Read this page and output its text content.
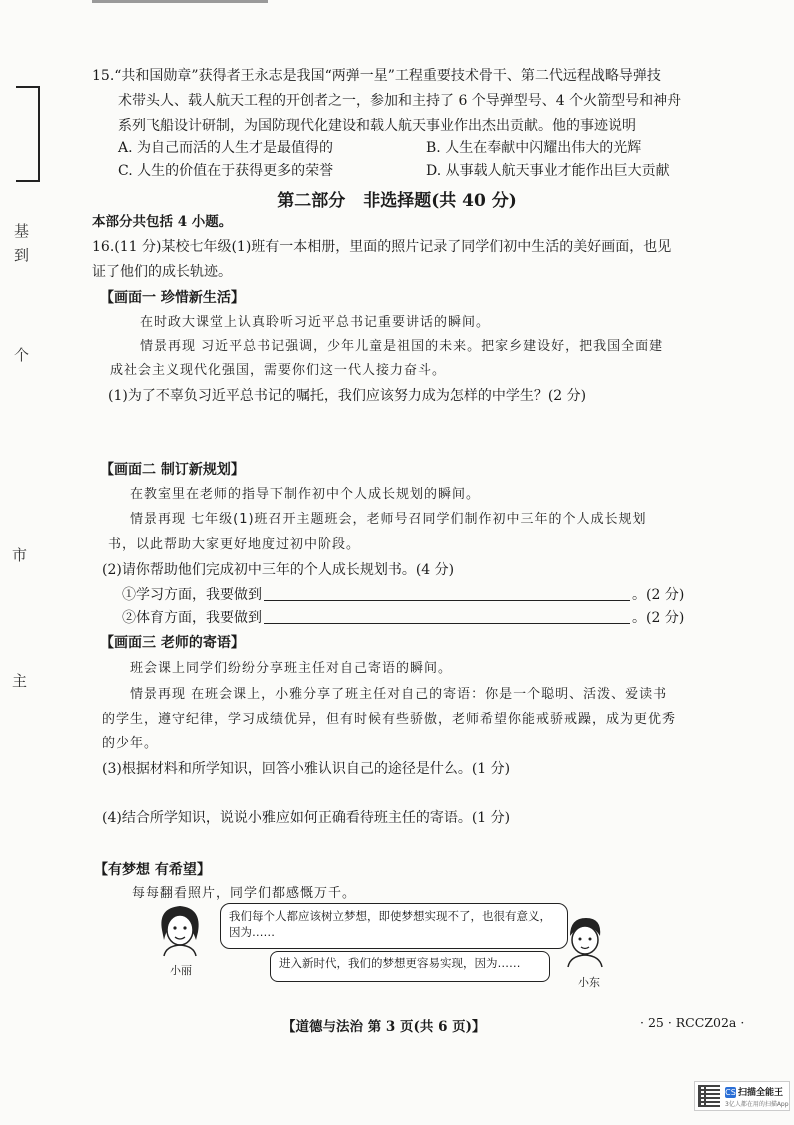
基
到
个
市
主
15.“共和国勋章”获得者王永志是我国“两弹一星”工程重要技术骨干、第二代远程战略导弹技
术带头人、载人航天工程的开创者之一，参加和主持了 6 个导弹型号、4 个火箭型号和神舟
系列飞船设计研制，为国防现代化建设和载人航天事业作出杰出贡献。他的事迹说明
A. 为自己而活的人生才是最值得的	B. 人生在奉献中闪耀出伟大的光辉
C. 人生的价值在于获得更多的荣誉	D. 从事载人航天事业才能作出巨大贡献
第二部分 非选择题(共 40 分)
本部分共包括 4 小题。
16.(11 分)某校七年级(1)班有一本相册，里面的照片记录了同学们初中生活的美好画面，也见
证了他们的成长轨迹。
【画面一 珍惜新生活】
在时政大课堂上认真聆听习近平总书记重要讲话的瞬间。
情景再现 习近平总书记强调，少年儿童是祖国的未来。把家乡建设好，把我国全面建
成社会主义现代化强国，需要你们这一代人接力奋斗。
(1)为了不辜负习近平总书记的嘱托，我们应该努力成为怎样的中学生？(2 分)
【画面二 制订新规划】
在教室里在老师的指导下制作初中个人成长规划的瞬间。
情景再现 七年级(1)班召开主题班会，老师号召同学们制作初中三年的个人成长规划
书，以此帮助大家更好地度过初中阶段。
(2)请你帮助他们完成初中三年的个人成长规划书。(4 分)
①学习方面，我要做到	。(2 分)
②体育方面，我要做到	。(2 分)
【画面三 老师的寄语】
班会课上同学们纷纷分享班主任对自己寄语的瞬间。
情景再现 在班会课上，小雅分享了班主任对自己的寄语：你是一个聪明、活泼、爱读书
的学生，遵守纪律，学习成绩优异，但有时候有些骄傲，老师希望你能戒骄戒躁，成为更优秀
的少年。
(3)根据材料和所学知识，回答小雅认识自己的途径是什么。(1 分)
(4)结合所学知识，说说小雅应如何正确看待班主任的寄语。(1 分)
【有梦想 有希望】
每每翻看照片，同学们都感慨万千。
小丽
我们每个人都应该树立梦想，即使梦想实现不了，也很有意义，
因为……
进入新时代，我们的梦想更容易实现，因为……
小东
【道德与法治 第 3 页(共 6 页)】	· 25 · RCCZ02a ·
CS 扫描全能王
3亿人都在用的扫描App
